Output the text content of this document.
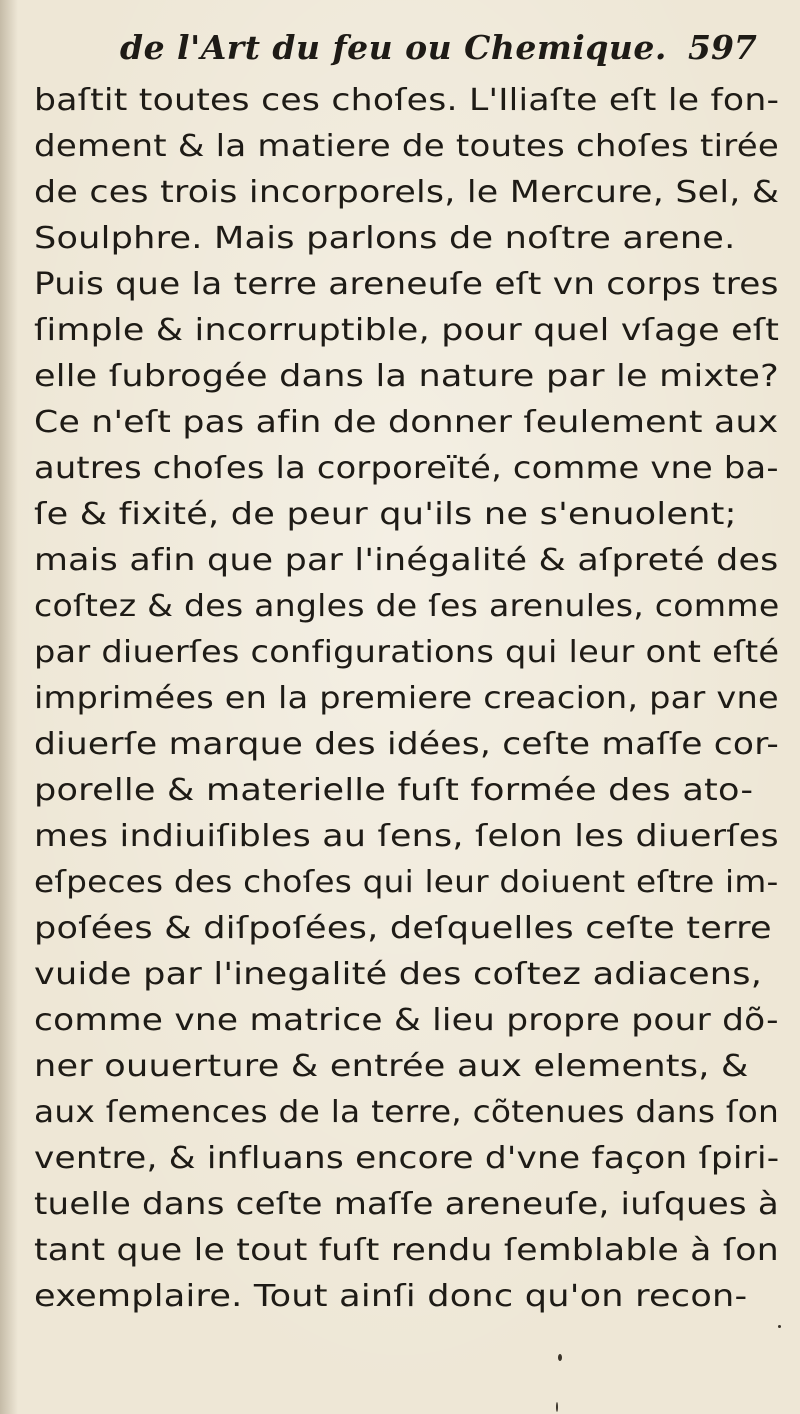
de l'Art du feu ou Chemique. 597
baſtit toutes ces choſes. L'Iliaſte eſt le fon-
dement & la matiere de toutes choſes tirée
de ces trois incorporels, le Mercure, Sel, &
Soulphre. Mais parlons de noſtre arene.
Puis que la terre areneuſe eſt vn corps tres
ſimple & incorruptible, pour quel vſage eſt
elle ſubrogée dans la nature par le mixte?
Ce n'eſt pas afin de donner ſeulement aux
autres choſes la corporeïté, comme vne ba-
ſe & fixité, de peur qu'ils ne s'enuolent;
mais afin que par l'inégalité & aſpreté des
coſtez & des angles de ſes arenules, comme
par diuerſes configurations qui leur ont eſté
imprimées en la premiere creacion, par vne
diuerſe marque des idées, ceſte maſſe cor-
porelle & materielle fuſt formée des ato-
mes indiuiſibles au ſens, ſelon les diuerſes
eſpeces des choſes qui leur doiuent eſtre im-
poſées & diſpoſées, deſquelles ceſte terre
vuide par l'inegalité des coſtez adiacens,
comme vne matrice & lieu propre pour dõ-
ner ouuerture & entrée aux elements, &
aux ſemences de la terre, cõtenues dans ſon
ventre, & influans encore d'vne façon ſpiri-
tuelle dans ceſte maſſe areneuſe, iuſques à
tant que le tout fuſt rendu ſemblable à ſon
exemplaire. Tout ainſi donc qu'on recon-
